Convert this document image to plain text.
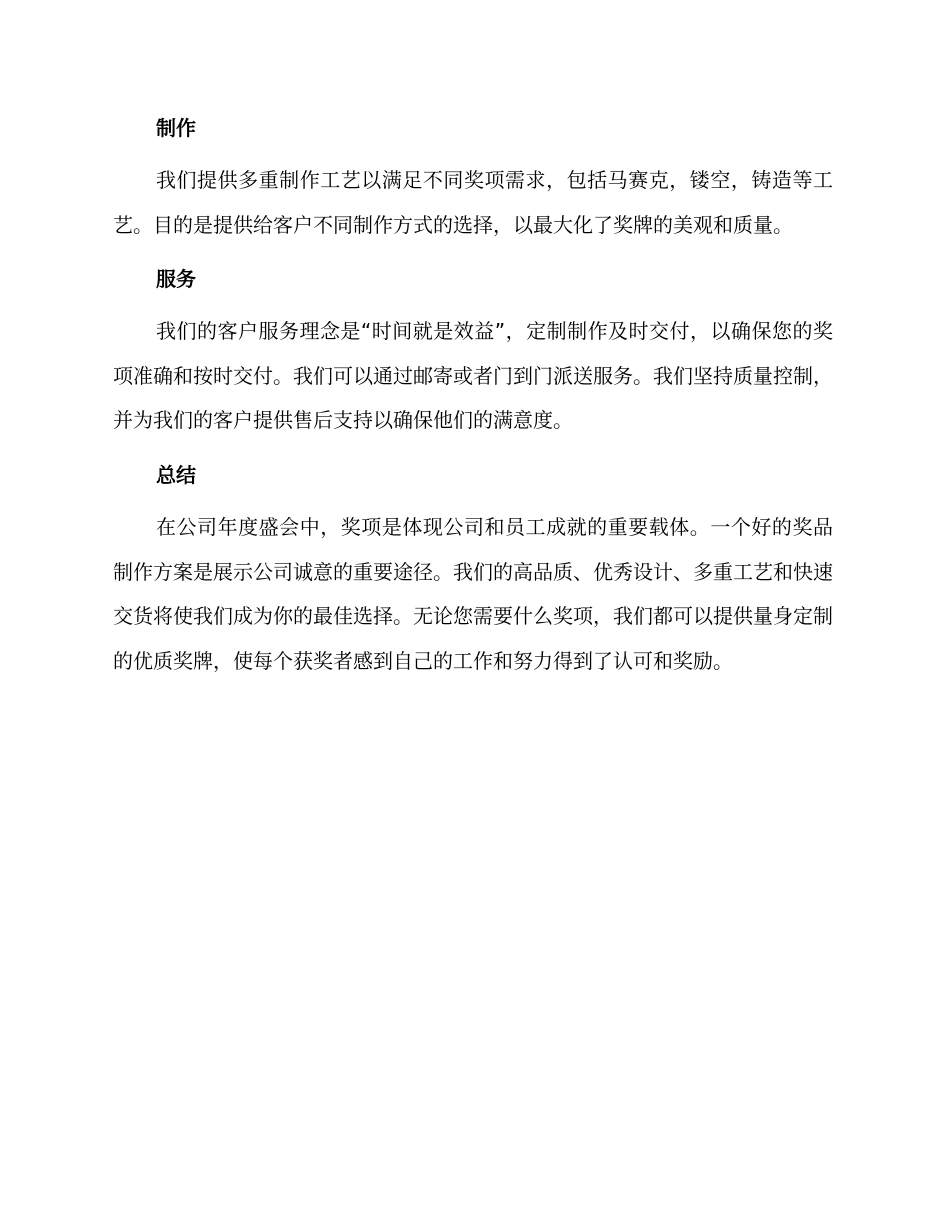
制作

我们提供多重制作工艺以满足不同奖项需求，包括马赛克，镂空，铸造等工艺。目的是提供给客户不同制作方式的选择，以最大化了奖牌的美观和质量。

服务

我们的客户服务理念是“时间就是效益”，定制制作及时交付，以确保您的奖项准确和按时交付。我们可以通过邮寄或者门到门派送服务。我们坚持质量控制，并为我们的客户提供售后支持以确保他们的满意度。

总结

在公司年度盛会中，奖项是体现公司和员工成就的重要载体。一个好的奖品制作方案是展示公司诚意的重要途径。我们的高品质、优秀设计、多重工艺和快速交货将使我们成为你的最佳选择。无论您需要什么奖项，我们都可以提供量身定制的优质奖牌，使每个获奖者感到自己的工作和努力得到了认可和奖励。
